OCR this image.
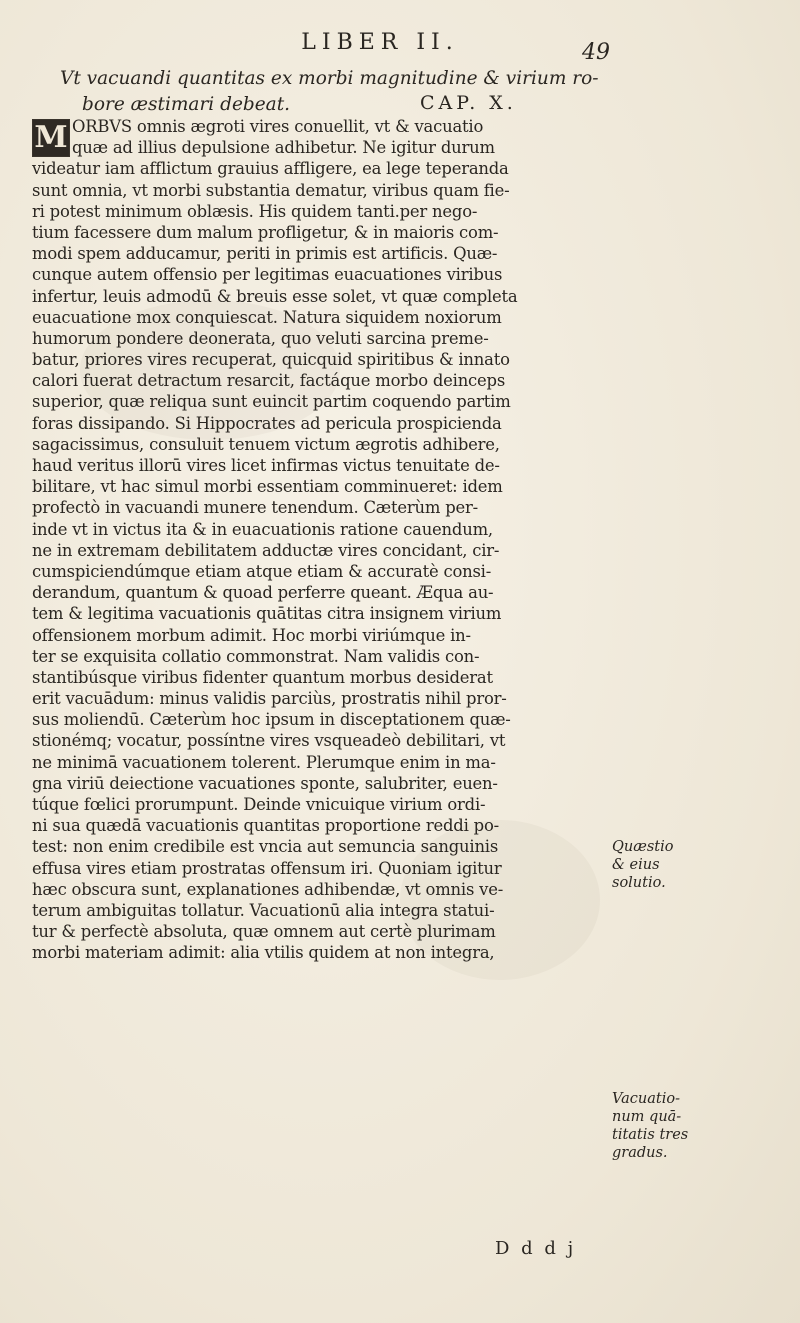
LIBER II.	49
Vt vacuandi quantitas ex morbi magnitudine & virium ro-
bore æstimari debeat.	CAP. X.
M ORBVS omnis ægroti vires conuellit, vt & vacuatio
quæ ad illius depulsione adhibetur. Ne igitur durum
videatur iam afflictum grauius affligere, ea lege teperanda
sunt omnia, vt morbi substantia dematur, viribus quam fie-
ri potest minimum oblæsis. His quidem tanti.per nego-
tium facessere dum malum profligetur, & in maioris com-
modi spem adducamur, periti in primis est artificis. Quæ-
cunque autem offensio per legitimas euacuationes viribus
infertur, leuis admodū & breuis esse solet, vt quæ completa
euacuatione mox conquiescat. Natura siquidem noxiorum
humorum pondere deonerata, quo veluti sarcina preme-
batur, priores vires recuperat, quicquid spiritibus & innato
calori fuerat detractum resarcit, factáque morbo deinceps
superior, quæ reliqua sunt euincit partim coquendo partim
foras dissipando. Si Hippocrates ad pericula prospicienda
sagacissimus, consuluit tenuem victum ægrotis adhibere,
haud veritus illorū vires licet infirmas victus tenuitate de-
bilitare, vt hac simul morbi essentiam comminueret: idem
profectò in vacuandi munere tenendum. Cæterùm per-
inde vt in victus ita & in euacuationis ratione cauendum,
ne in extremam debilitatem adductæ vires concidant, cir-
cumspiciendúmque etiam atque etiam & accuratè consi-
derandum, quantum & quoad perferre queant. Æqua au-
tem & legitima vacuationis quātitas citra insignem virium
offensionem morbum adimit. Hoc morbi viriúmque in-
ter se exquisita collatio commonstrat. Nam validis con-
stantibúsque viribus fidenter quantum morbus desiderat
erit vacuādum: minus validis parciùs, prostratis nihil pror-
sus moliendū. Cæterùm hoc ipsum in disceptationem quæ-
stionémq; vocatur, possíntne vires vsqueadeò debilitari, vt
ne minimā vacuationem tolerent. Plerumque enim in ma-
gna viriū deiectione vacuationes sponte, salubriter, euen-
túque fœlici prorumpunt. Deinde vnicuique virium ordi-
ni sua quædā vacuationis quantitas proportione reddi po-
test: non enim credibile est vncia aut semuncia sanguinis
effusa vires etiam prostratas offensum iri. Quoniam igitur
hæc obscura sunt, explanationes adhibendæ, vt omnis ve-
terum ambiguitas tollatur. Vacuationū alia integra statui-
tur & perfectè absoluta, quæ omnem aut certè plurimam
morbi materiam adimit: alia vtilis quidem at non integra,
Quæstio
& eius
solutio.
Vacuatio-
num quā-
titatis tres
gradus.
D d d j
